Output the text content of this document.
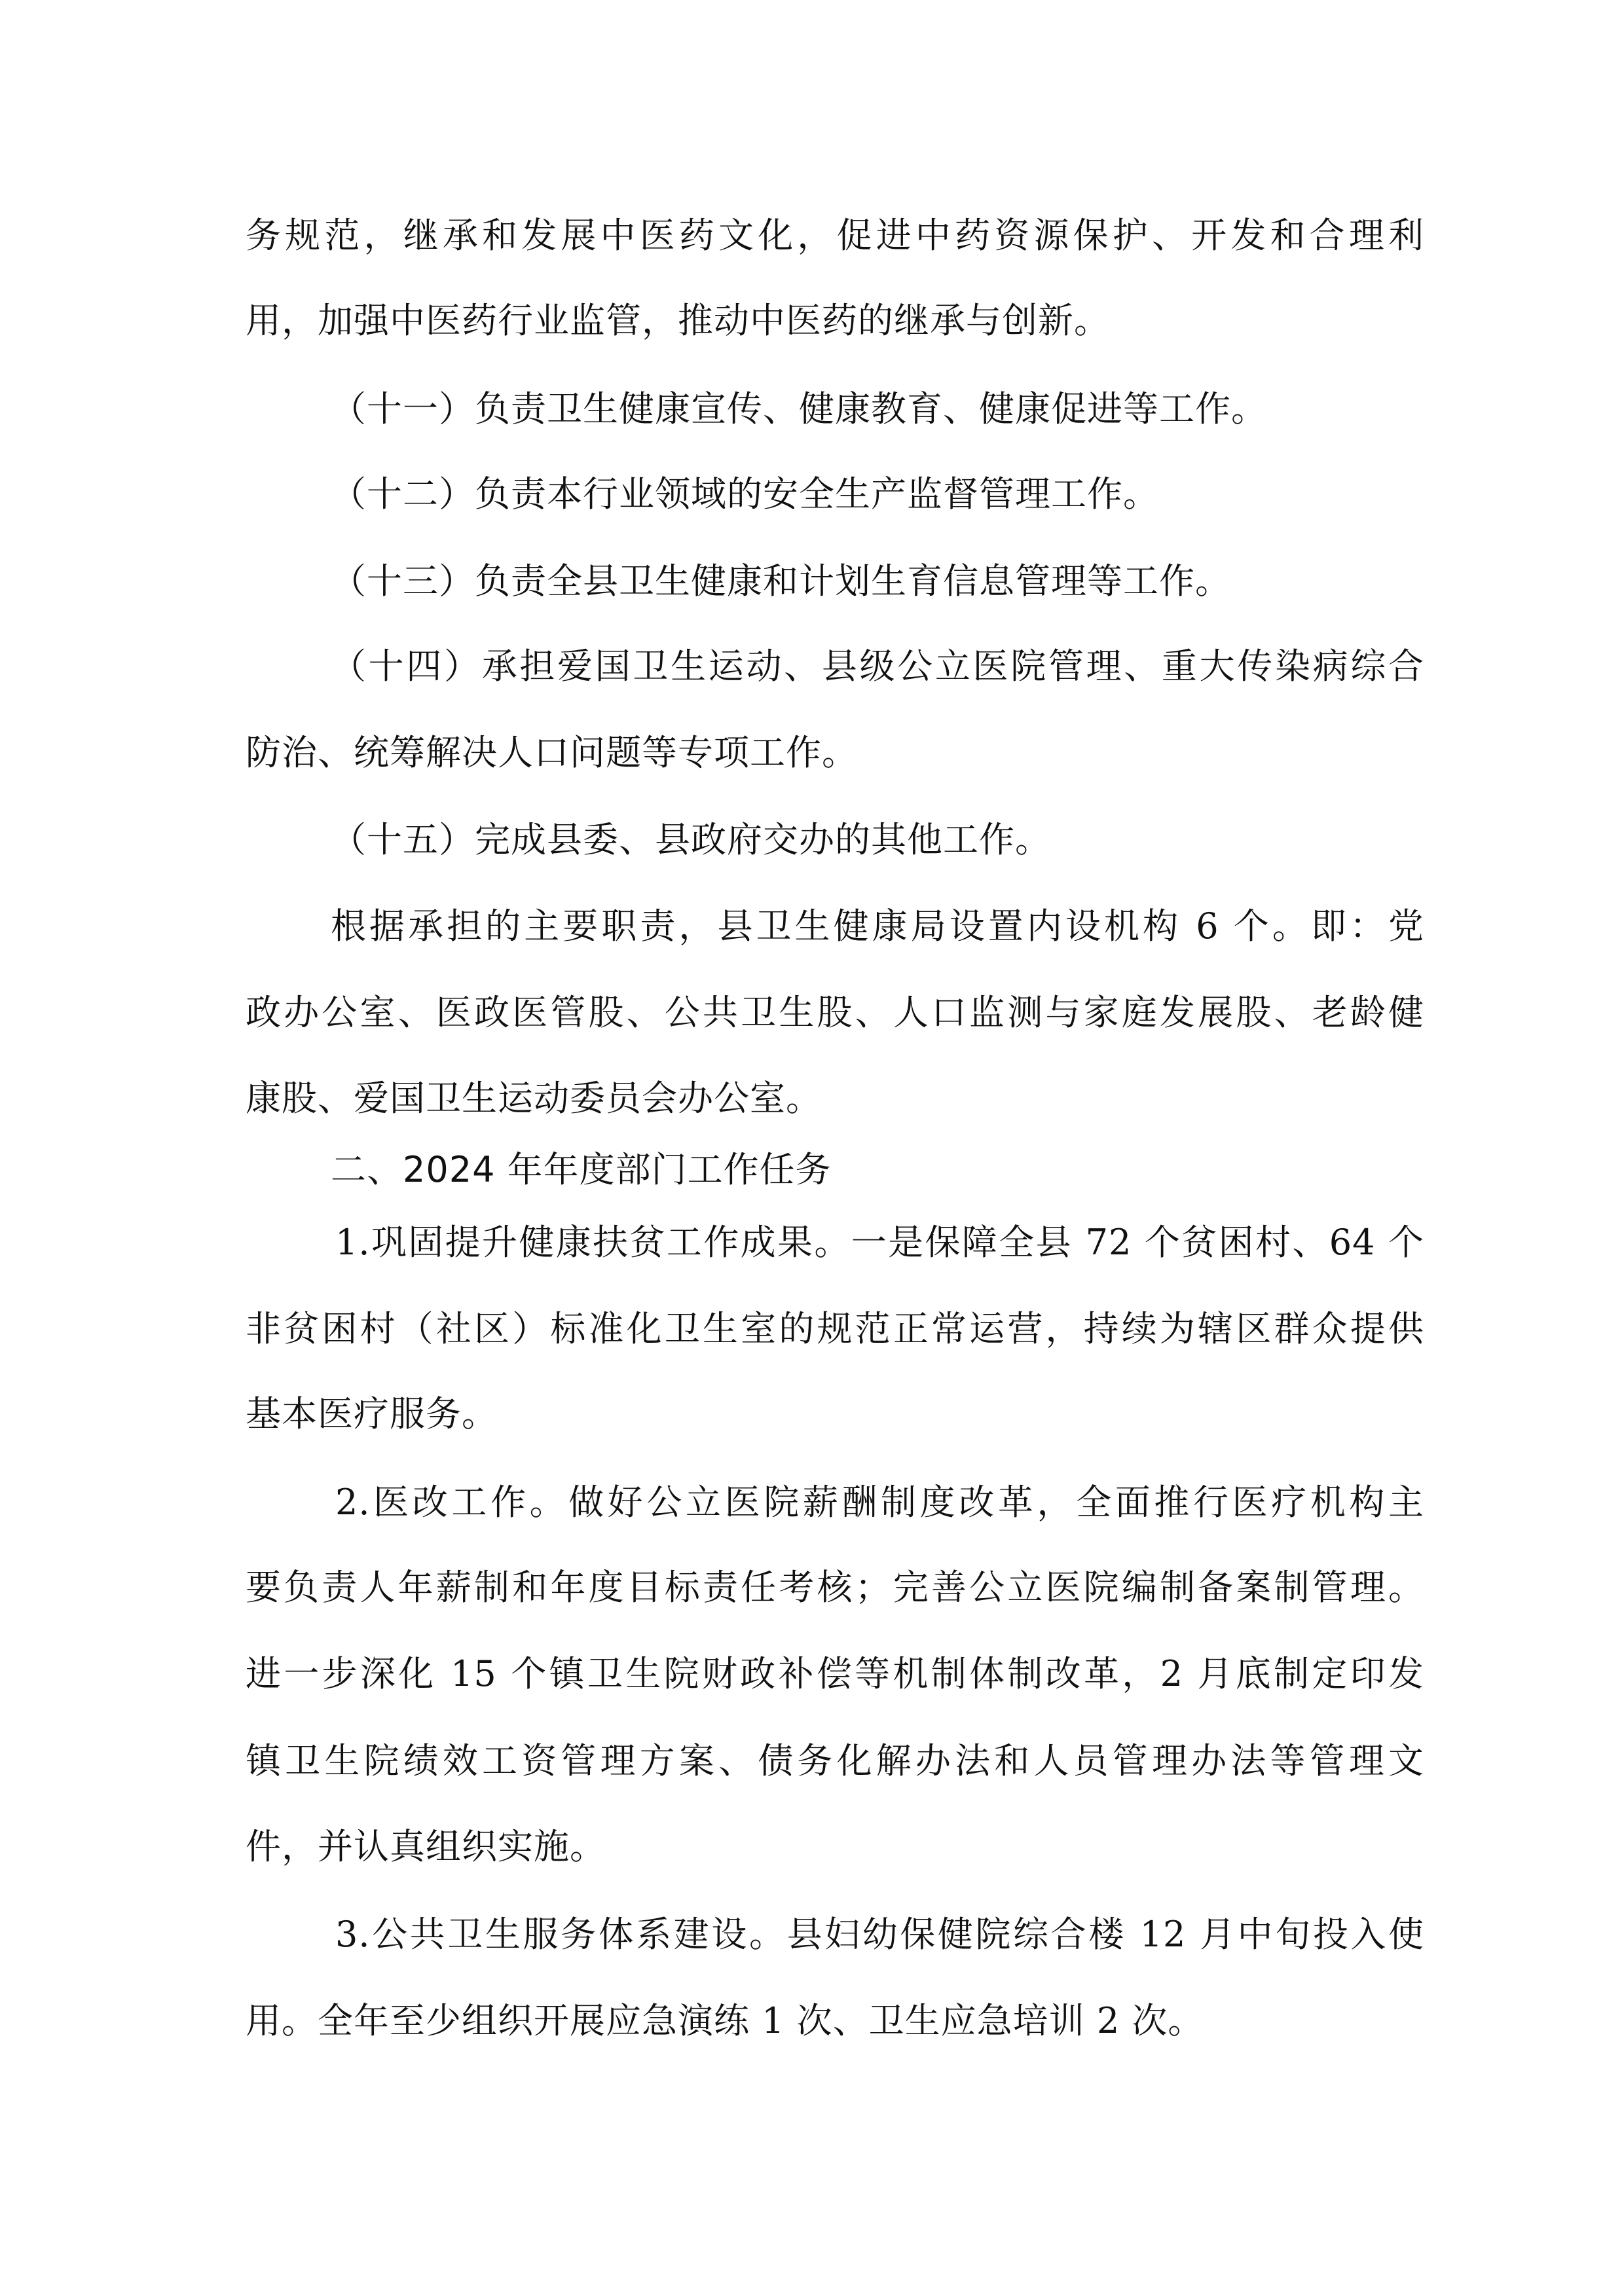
务规范，继承和发展中医药文化，促进中药资源保护、开发和合理利

用，加强中医药行业监管，推动中医药的继承与创新。

（十一）负责卫生健康宣传、健康教育、健康促进等工作。

（十二）负责本行业领域的安全生产监督管理工作。

（十三）负责全县卫生健康和计划生育信息管理等工作。

（十四）承担爱国卫生运动、县级公立医院管理、重大传染病综合

防治、统筹解决人口问题等专项工作。

（十五）完成县委、县政府交办的其他工作。

根据承担的主要职责，县卫生健康局设置内设机构 6 个。即：党

政办公室、医政医管股、公共卫生股、人口监测与家庭发展股、老龄健

康股、爱国卫生运动委员会办公室。

二、2024 年年度部门工作任务

1.巩固提升健康扶贫工作成果。一是保障全县 72 个贫困村、64 个

非贫困村（社区）标准化卫生室的规范正常运营，持续为辖区群众提供

基本医疗服务。

2.医改工作。做好公立医院薪酬制度改革，全面推行医疗机构主

要负责人年薪制和年度目标责任考核；完善公立医院编制备案制管理。

进一步深化 15 个镇卫生院财政补偿等机制体制改革，2 月底制定印发

镇卫生院绩效工资管理方案、债务化解办法和人员管理办法等管理文

件，并认真组织实施。

3.公共卫生服务体系建设。县妇幼保健院综合楼 12 月中旬投入使

用。全年至少组织开展应急演练 1 次、卫生应急培训 2 次。
